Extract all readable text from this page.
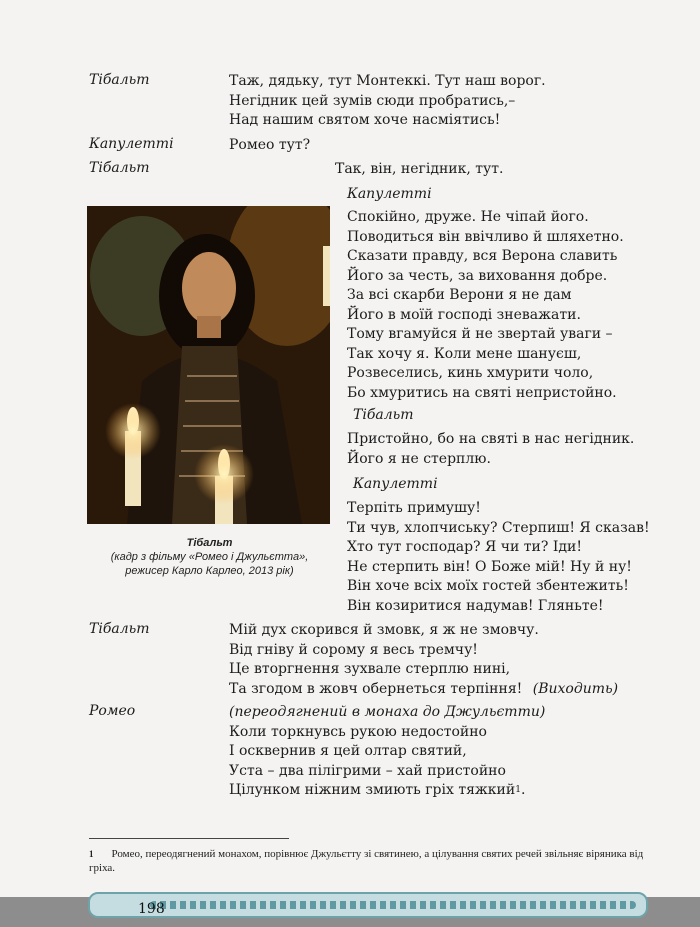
Тібальт	Таж, дядьку, тут Монтеккі. Тут наш ворог.
Негідник цей зумів сюди пробратись,–
Над нашим святом хоче насміятись!
Капулетті	Ромео тут?
Тібальт	Так, він, негідник, тут.
Тібальт
(кадр з фільму «Ромео і Джульєтта»,
режисер Карло Карлео, 2013 рік)
Капулетті
Спокійно, друже. Не чіпай його.
Поводиться він ввічливо й шляхетно.
Сказати правду, вся Верона славить
Його за честь, за виховання добре.
За всі скарби Верони я не дам
Його в моїй господі зневажати.
Тому вгамуйся й не звертай уваги –
Так хочу я. Коли мене шануєш,
Розвеселись, кинь хмурити чоло,
Бо хмуритись на святі непристойно.
Тібальт
Пристойно, бо на святі в нас негідник.
Його я не стерплю.
Капулетті
Терпіть примушу!
Ти чув, хлопчиську? Стерпиш! Я сказав!
Хто тут господар? Я чи ти? Іди!
Не стерпить він! О Боже мій! Ну й ну!
Він хоче всіх моїх гостей збентежить!
Він козиритися надумав! Гляньте!
Тібальт	Мій дух скорився й змовк, я ж не змовчу.
Від гніву й сорому я весь тремчу!
Це вторгнення зухвале стерплю нині,
Та згодом в жовч обернеться терпіння! (Виходить)
Ромео	(переодягнений в монаха до Джульєтти)
Коли торкнувсь рукою недостойно
І осквернив я цей олтар святий,
Уста – два пілігрими – хай пристойно
Цілунком ніжним змиють гріх тяжкий$^1$.
$^1$ Ромео, переодягнений монахом, порівнює Джульєтту зі святинею, а цілування святих речей звільняє віряника від гріха.
198
